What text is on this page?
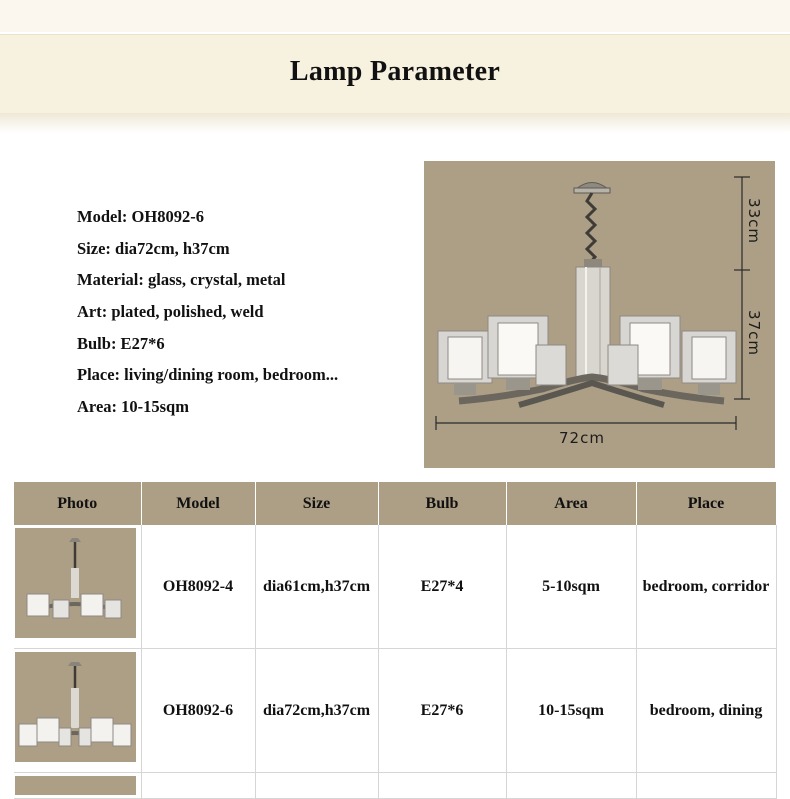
Lamp Parameter
Model: OH8092-6
Size: dia72cm, h37cm
Material: glass, crystal, metal
Art: plated, polished, weld
Bulb: E27*6
Place: living/dining room, bedroom...
Area: 10-15sqm
33cm
37cm
72cm
Photo	Model	Size	Bulb	Area	Place

	OH8092-4	dia61cm,h37cm	E27*4	5-10sqm	bedroom, corridor

	OH8092-6	dia72cm,h37cm	E27*6	10-15sqm	bedroom, dining
